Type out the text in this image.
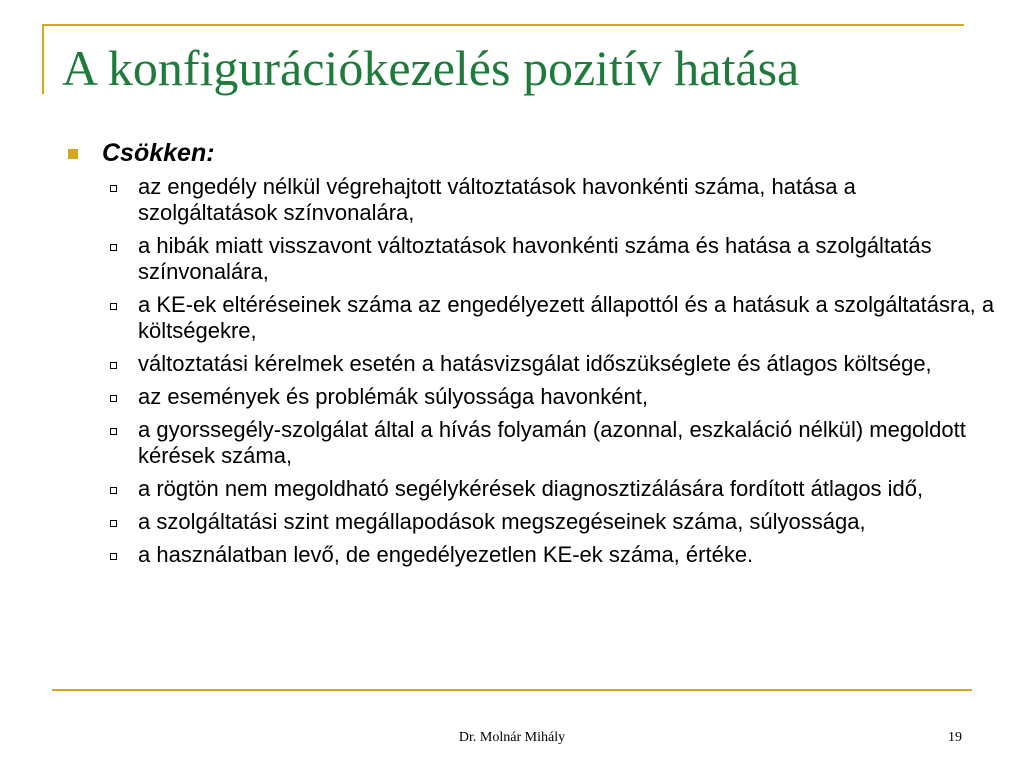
A konfigurációkezelés pozitív hatása
Csökken:
az engedély nélkül végrehajtott változtatások havonkénti száma, hatása a szolgáltatások színvonalára,
a hibák miatt visszavont változtatások havonkénti száma és hatása a szolgáltatás színvonalára,
a KE-ek eltéréseinek száma az engedélyezett állapottól és a hatásuk a szolgáltatásra, a költségekre,
változtatási kérelmek esetén a hatásvizsgálat időszükséglete és átlagos költsége,
az események és problémák súlyossága havonként,
a gyorssegély-szolgálat által a hívás folyamán (azonnal, eszkaláció nélkül) megoldott kérések száma,
a rögtön nem megoldható segélykérések diagnosztizálására fordított átlagos idő,
a szolgáltatási szint megállapodások megszegéseinek száma, súlyossága,
a használatban levő, de engedélyezetlen KE-ek száma, értéke.
Dr. Molnár Mihály	19
